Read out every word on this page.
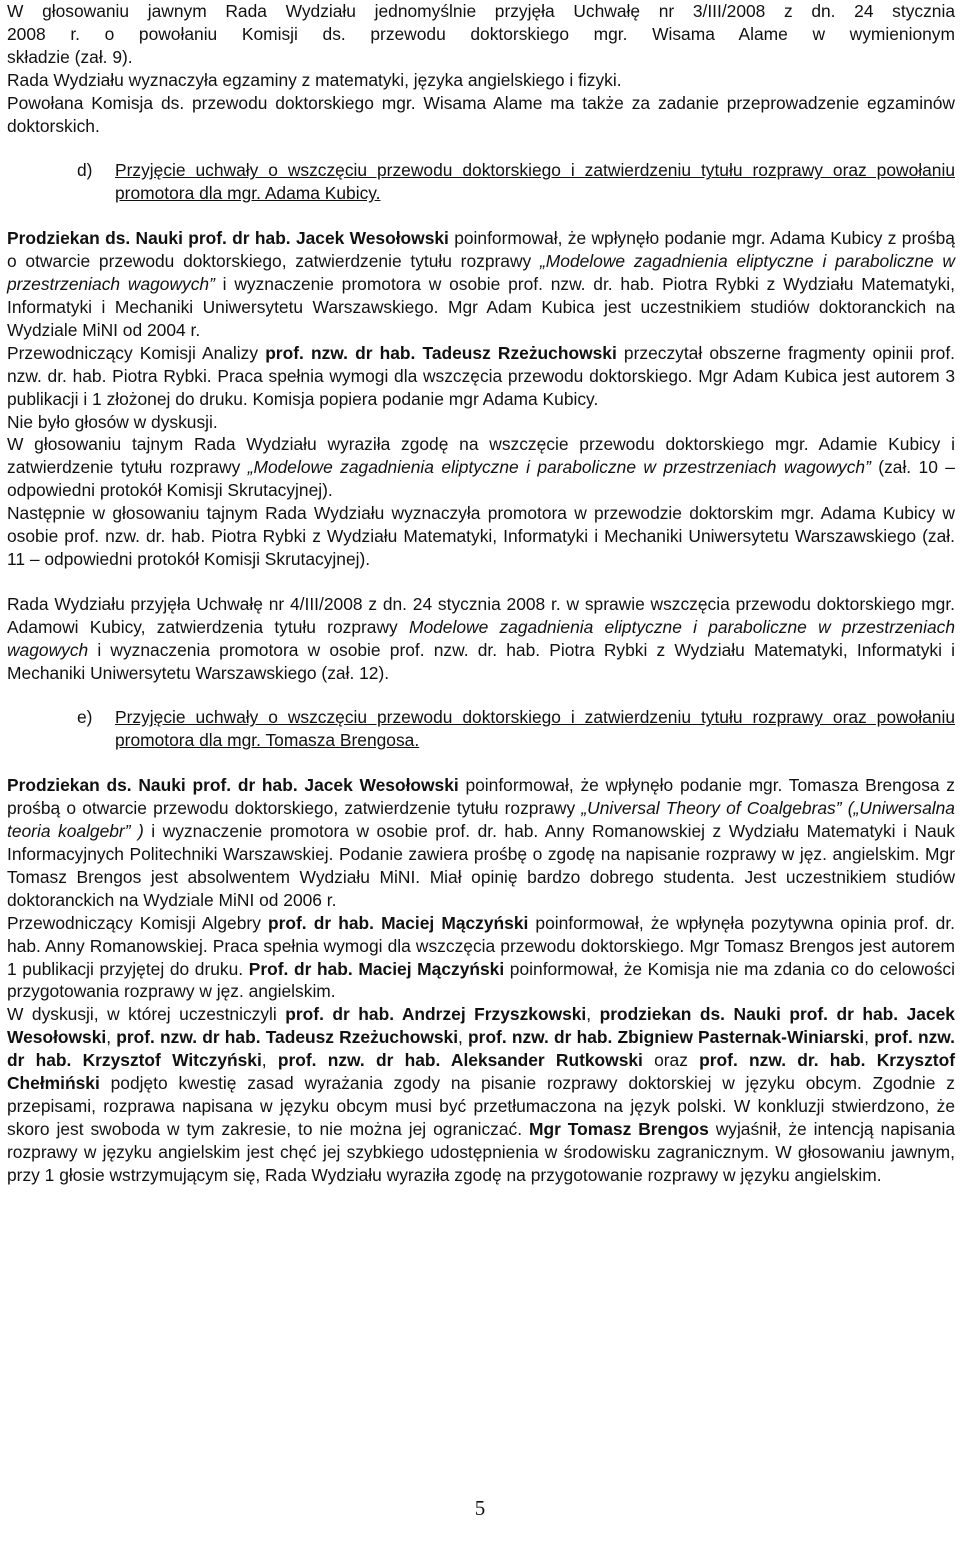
W głosowaniu jawnym Rada Wydziału jednomyślnie przyjęła Uchwałę nr 3/III/2008 z dn. 24 stycznia
2008 r. o powołaniu Komisji ds. przewodu doktorskiego mgr. Wisama Alame w wymienionym
składzie (zał. 9).

Rada Wydziału wyznaczyła egzaminy z matematyki, języka angielskiego i fizyki.

Powołana Komisja ds. przewodu doktorskiego mgr. Wisama Alame ma także za zadanie przeprowadzenie egzaminów doktorskich.

d)	Przyjęcie uchwały o wszczęciu przewodu doktorskiego i zatwierdzeniu tytułu rozprawy oraz powołaniu promotora dla mgr. Adama Kubicy.

Prodziekan ds. Nauki prof. dr hab. Jacek Wesołowski poinformował, że wpłynęło podanie mgr. Adama Kubicy z prośbą o otwarcie przewodu doktorskiego, zatwierdzenie tytułu rozprawy „Modelowe zagadnienia eliptyczne i paraboliczne w przestrzeniach wagowych” i wyznaczenie promotora w osobie prof. nzw. dr. hab. Piotra Rybki z Wydziału Matematyki, Informatyki i Mechaniki Uniwersytetu Warszawskiego. Mgr Adam Kubica jest uczestnikiem studiów doktoranckich na Wydziale MiNI od 2004 r.

Przewodniczący Komisji Analizy prof. nzw. dr hab. Tadeusz Rzeżuchowski przeczytał obszerne fragmenty opinii prof. nzw. dr. hab. Piotra Rybki. Praca spełnia wymogi dla wszczęcia przewodu doktorskiego. Mgr Adam Kubica jest autorem 3 publikacji i 1 złożonej do druku. Komisja popiera podanie mgr Adama Kubicy.

Nie było głosów w dyskusji.

W głosowaniu tajnym Rada Wydziału wyraziła zgodę na wszczęcie przewodu doktorskiego mgr. Adamie Kubicy i zatwierdzenie tytułu rozprawy „Modelowe zagadnienia eliptyczne i paraboliczne w przestrzeniach wagowych” (zał. 10 – odpowiedni protokół Komisji Skrutacyjnej).

Następnie w głosowaniu tajnym Rada Wydziału wyznaczyła promotora w przewodzie doktorskim mgr. Adama Kubicy w osobie prof. nzw. dr. hab. Piotra Rybki z Wydziału Matematyki, Informatyki i Mechaniki Uniwersytetu Warszawskiego (zał. 11 – odpowiedni protokół Komisji Skrutacyjnej).

Rada Wydziału przyjęła Uchwałę nr 4/III/2008 z dn. 24 stycznia 2008 r. w sprawie wszczęcia przewodu doktorskiego mgr. Adamowi Kubicy, zatwierdzenia tytułu rozprawy Modelowe zagadnienia eliptyczne i paraboliczne w przestrzeniach wagowych i wyznaczenia promotora w osobie prof. nzw. dr. hab. Piotra Rybki z Wydziału Matematyki, Informatyki i Mechaniki Uniwersytetu Warszawskiego (zał. 12).

e)	Przyjęcie uchwały o wszczęciu przewodu doktorskiego i zatwierdzeniu tytułu rozprawy oraz powołaniu promotora dla mgr. Tomasza Brengosa.

Prodziekan ds. Nauki prof. dr hab. Jacek Wesołowski poinformował, że wpłynęło podanie mgr. Tomasza Brengosa z prośbą o otwarcie przewodu doktorskiego, zatwierdzenie tytułu rozprawy „Universal Theory of Coalgebras” („Uniwersalna teoria koalgebr” ) i wyznaczenie promotora w osobie prof. dr. hab. Anny Romanowskiej z Wydziału Matematyki i Nauk Informacyjnych Politechniki Warszawskiej. Podanie zawiera prośbę o zgodę na napisanie rozprawy w jęz. angielskim. Mgr Tomasz Brengos jest absolwentem Wydziału MiNI. Miał opinię bardzo dobrego studenta. Jest uczestnikiem studiów doktoranckich na Wydziale MiNI od 2006 r.

Przewodniczący Komisji Algebry prof. dr hab. Maciej Mączyński poinformował, że wpłynęła pozytywna opinia prof. dr. hab. Anny Romanowskiej. Praca spełnia wymogi dla wszczęcia przewodu doktorskiego. Mgr Tomasz Brengos jest autorem 1 publikacji przyjętej do druku. Prof. dr hab. Maciej Mączyński poinformował, że Komisja nie ma zdania co do celowości przygotowania rozprawy w jęz. angielskim.

W dyskusji, w której uczestniczyli prof. dr hab. Andrzej Frzyszkowski, prodziekan ds. Nauki prof. dr hab. Jacek Wesołowski, prof. nzw. dr hab. Tadeusz Rzeżuchowski, prof. nzw. dr hab. Zbigniew Pasternak-Winiarski, prof. nzw. dr hab. Krzysztof Witczyński, prof. nzw. dr hab. Aleksander Rutkowski oraz prof. nzw. dr. hab. Krzysztof Chełmiński podjęto kwestię zasad wyrażania zgody na pisanie rozprawy doktorskiej w języku obcym. Zgodnie z przepisami, rozprawa napisana w języku obcym musi być przetłumaczona na język polski. W konkluzji stwierdzono, że skoro jest swoboda w tym zakresie, to nie można jej ograniczać. Mgr Tomasz Brengos wyjaśnił, że intencją napisania rozprawy w języku angielskim jest chęć jej szybkiego udostępnienia w środowisku zagranicznym. W głosowaniu jawnym, przy 1 głosie wstrzymującym się, Rada Wydziału wyraziła zgodę na przygotowanie rozprawy w języku angielskim.

5
